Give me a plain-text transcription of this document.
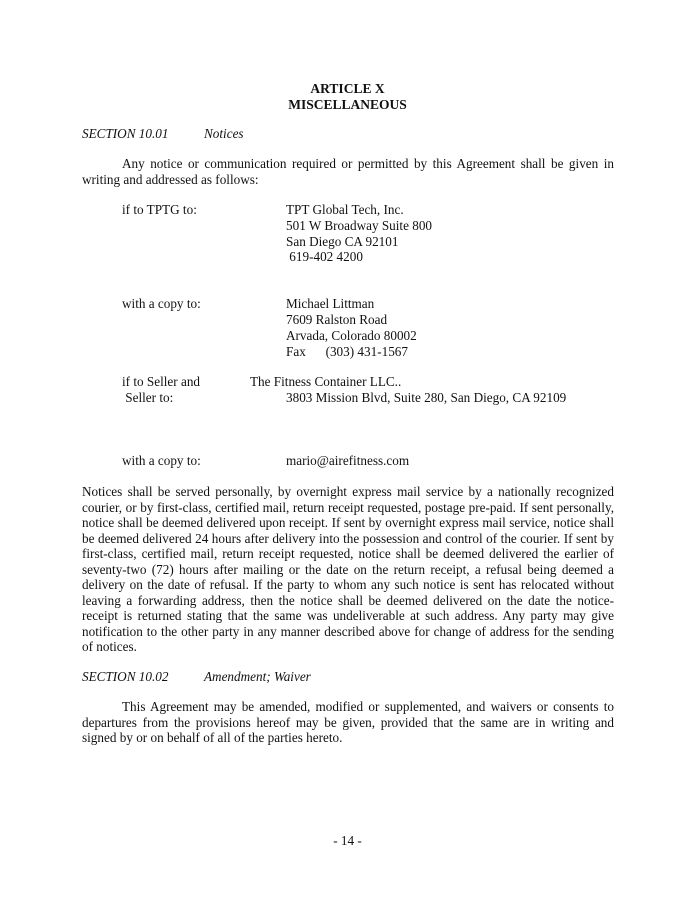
ARTICLE X
MISCELLANEOUS
SECTION 10.01	Notices
Any notice or communication required or permitted by this Agreement shall be given in writing and addressed as follows:
if to TPTG to:	TPT Global Tech, Inc.
501 W Broadway Suite 800
San Diego CA 92101
619-402 4200
with a copy to:	Michael Littman
7609 Ralston Road
Arvada, Colorado 80002
Fax      (303) 431-1567
if to Seller and	The Fitness Container LLC..
Seller to:	3803 Mission Blvd, Suite 280, San Diego, CA 92109
with a copy to:	mario@airefitness.com
Notices shall be served personally, by overnight express mail service by a nationally recognized courier, or by first-class, certified mail, return receipt requested, postage pre-paid. If sent personally, notice shall be deemed delivered upon receipt. If sent by overnight express mail service, notice shall be deemed delivered 24 hours after delivery into the possession and control of the courier. If sent by first-class, certified mail, return receipt requested, notice shall be deemed delivered the earlier of seventy-two (72) hours after mailing or the date on the return receipt, a refusal being deemed a delivery on the date of refusal. If the party to whom any such notice is sent has relocated without leaving a forwarding address, then the notice shall be deemed delivered on the date the notice-receipt is returned stating that the same was undeliverable at such address. Any party may give notification to the other party in any manner described above for change of address for the sending of notices.
SECTION 10.02	Amendment; Waiver
This Agreement may be amended, modified or supplemented, and waivers or consents to departures from the provisions hereof may be given, provided that the same are in writing and signed by or on behalf of all of the parties hereto.
- 14 -
